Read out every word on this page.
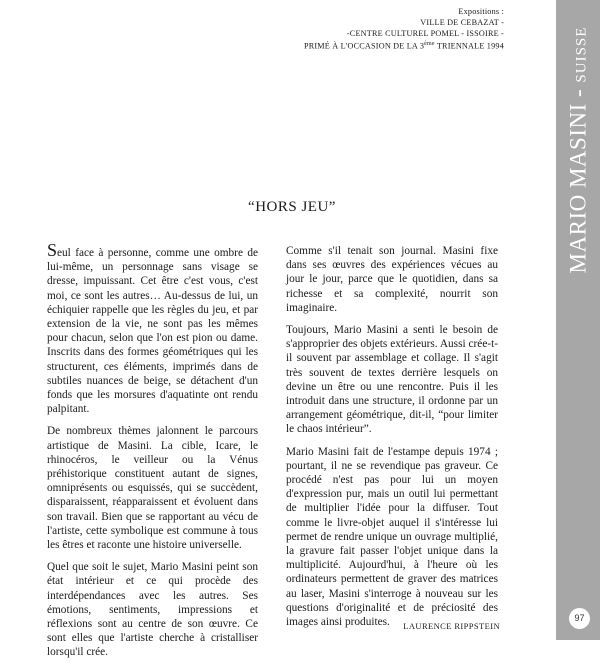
Expositions :
VILLE DE CEBAZAT -
-CENTRE CULTUREL POMEL - ISSOIRE -
PRIMÉ À L'OCCASION DE LA 3ème TRIENNALE 1994
“HORS JEU”

Seul face à personne, comme une ombre de lui-même, un personnage sans visage se dresse, impuissant. Cet être c'est vous, c'est moi, ce sont les autres… Au-dessus de lui, un échiquier rappelle que les règles du jeu, et par extension de la vie, ne sont pas les mêmes pour chacun, selon que l'on est pion ou dame. Inscrits dans des formes géométriques qui les structurent, ces éléments, imprimés dans de subtiles nuances de beige, se détachent d'un fonds que les morsures d'aquatinte ont rendu palpitant.

De nombreux thèmes jalonnent le parcours artistique de Masini. La cible, Icare, le rhinocéros, le veilleur ou la Vénus préhistorique constituent autant de signes, omniprésents ou esquissés, qui se succèdent, disparaissent, réapparaissent et évoluent dans son travail. Bien que se rapportant au vécu de l'artiste, cette symbolique est commune à tous les êtres et raconte une histoire universelle.

Quel que soit le sujet, Mario Masini peint son état intérieur et ce qui procède des interdépendances avec les autres. Ses émotions, sentiments, impressions et réflexions sont au centre de son œuvre. Ce sont elles que l'artiste cherche à cristalliser lorsqu'il crée.

Comme s'il tenait son journal. Masini fixe dans ses œuvres des expériences vécues au jour le jour, parce que le quotidien, dans sa richesse et sa complexité, nourrit son imaginaire.

Toujours, Mario Masini a senti le besoin de s'approprier des objets extérieurs. Aussi crée-t-il souvent par assemblage et collage. Il s'agit très souvent de textes derrière lesquels on devine un être ou une rencontre. Puis il les introduit dans une structure, il ordonne par un arrangement géométrique, dit-il, “pour limiter le chaos intérieur”.

Mario Masini fait de l'estampe depuis 1974 ; pourtant, il ne se revendique pas graveur. Ce procédé n'est pas pour lui un moyen d'expression pur, mais un outil lui permettant de multiplier l'idée pour la diffuser. Tout comme le livre-objet auquel il s'intéresse lui permet de rendre unique un ouvrage multiplié, la gravure fait passer l'objet unique dans la multiplicité. Aujourd'hui, à l'heure où les ordinateurs permettent de graver des matrices au laser, Masini s'interroge à nouveau sur les questions d'originalité et de préciosité des images ainsi produites.	LAURENCE RIPPSTEIN
MARIO MASINI - SUISSE
97
